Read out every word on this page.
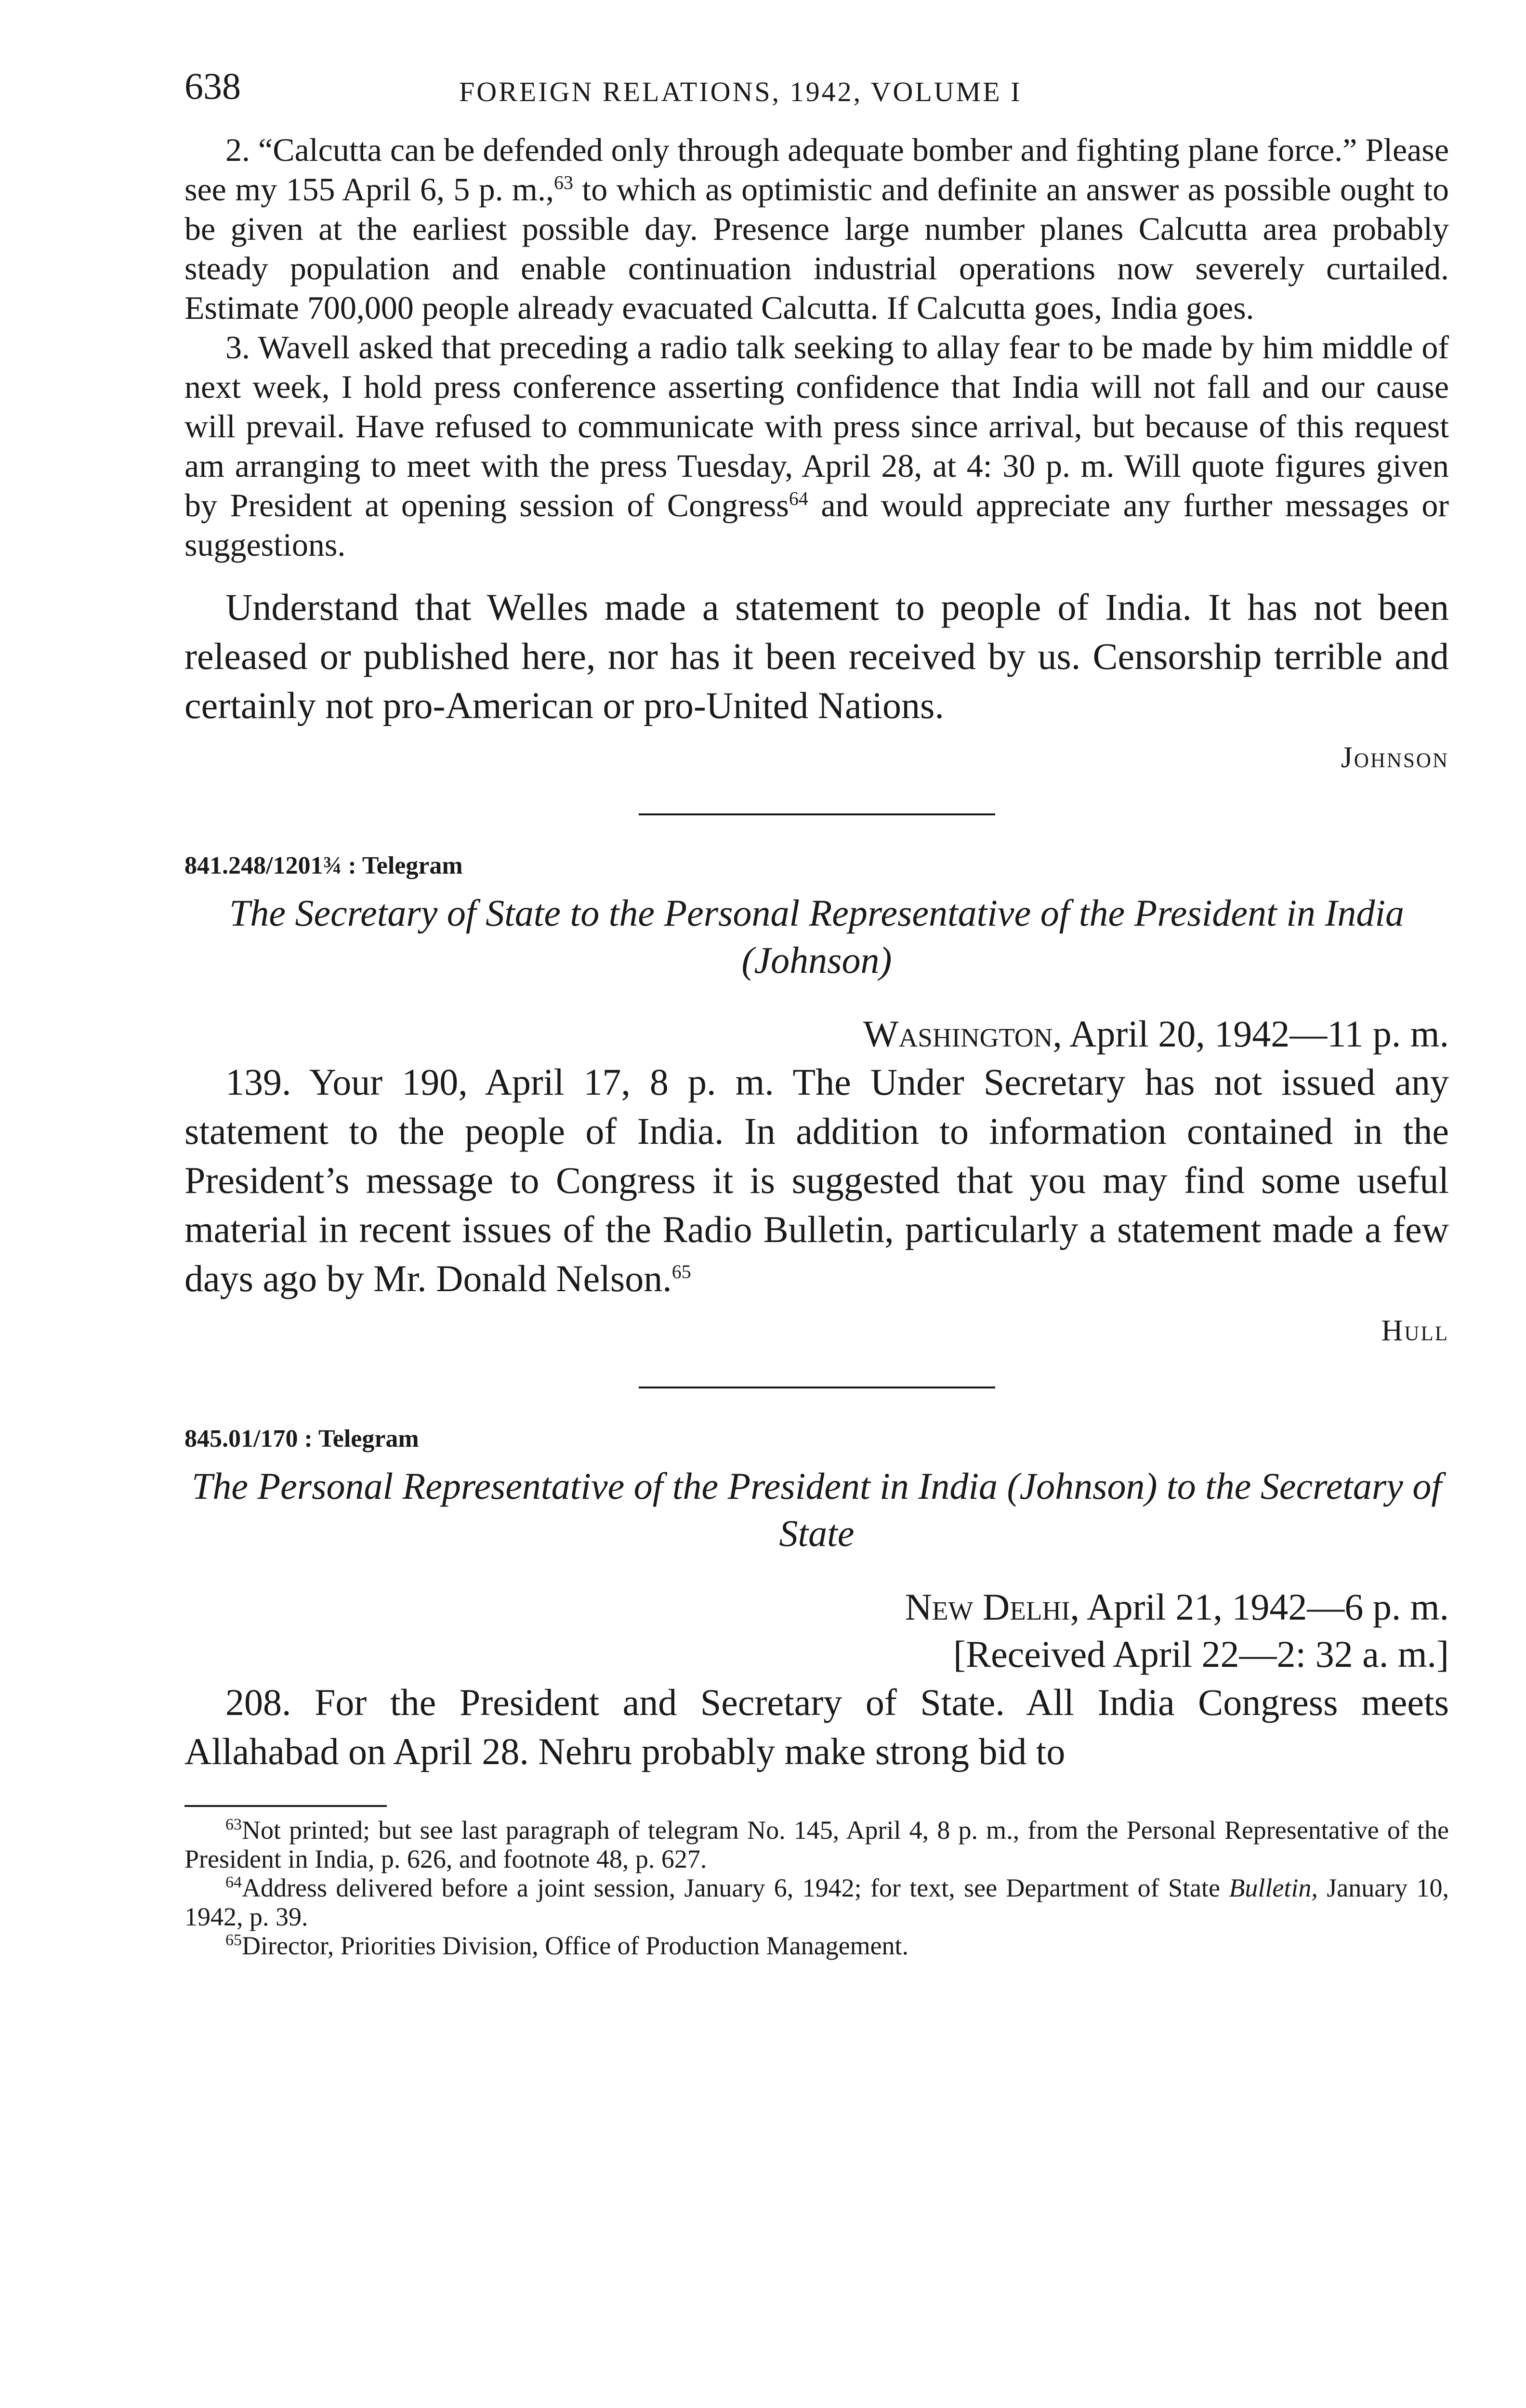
638	FOREIGN RELATIONS, 1942, VOLUME I

2. “Calcutta can be defended only through adequate bomber and fighting plane force.” Please see my 155 April 6, 5 p. m.,$^{63}$ to which as optimistic and definite an answer as possible ought to be given at the earliest possible day. Presence large number planes Calcutta area probably steady population and enable continuation industrial operations now severely curtailed. Estimate 700,000 people already evacuated Calcutta. If Calcutta goes, India goes.

3. Wavell asked that preceding a radio talk seeking to allay fear to be made by him middle of next week, I hold press conference asserting confidence that India will not fall and our cause will prevail. Have refused to communicate with press since arrival, but because of this request am arranging to meet with the press Tuesday, April 28, at 4: 30 p. m. Will quote figures given by President at opening session of Congress$^{64}$ and would appreciate any further messages or suggestions.

Understand that Welles made a statement to people of India. It has not been released or published here, nor has it been received by us. Censorship terrible and certainly not pro-American or pro-United Nations.

Johnson
841.248/1201¾ : Telegram
The Secretary of State to the Personal Representative of the President in India (Johnson)
Washington, April 20, 1942—11 p. m.

139. Your 190, April 17, 8 p. m. The Under Secretary has not issued any statement to the people of India. In addition to information contained in the President’s message to Congress it is suggested that you may find some useful material in recent issues of the Radio Bulletin, particularly a statement made a few days ago by Mr. Donald Nelson.$^{65}$

Hull
845.01/170 : Telegram
The Personal Representative of the President in India (Johnson) to the Secretary of State
New Delhi, April 21, 1942—6 p. m.
[Received April 22—2: 32 a. m.]

208. For the President and Secretary of State. All India Congress meets Allahabad on April 28. Nehru probably make strong bid to

$^{63}$Not printed; but see last paragraph of telegram No. 145, April 4, 8 p. m., from the Personal Representative of the President in India, p. 626, and footnote 48, p. 627.

$^{64}$Address delivered before a joint session, January 6, 1942; for text, see Department of State Bulletin, January 10, 1942, p. 39.

$^{65}$Director, Priorities Division, Office of Production Management.
